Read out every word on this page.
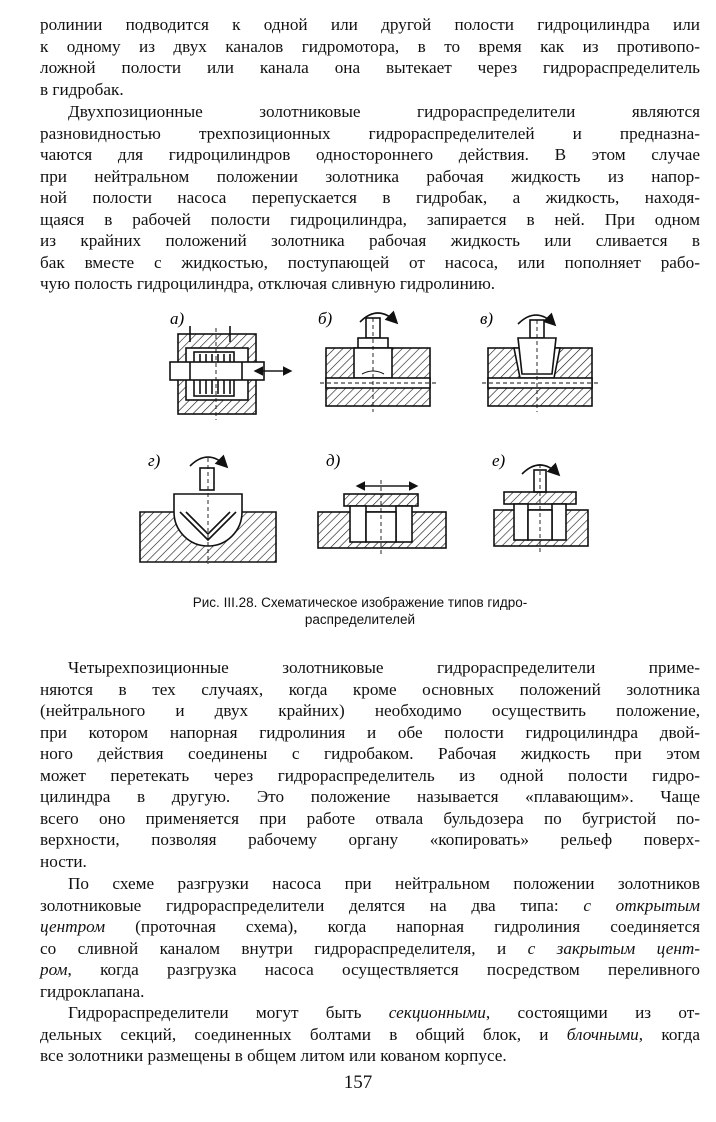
ролинии подводится к одной или другой полости гидроцилиндра или
к одному из двух каналов гидромотора, в то время как из противопо-
ложной полости или канала она вытекает через гидрораспределитель
в гидробак.
Двухпозиционные золотниковые гидрораспределители являются
разновидностью трехпозиционных гидрораспределителей и предназна-
чаются для гидроцилиндров одностороннего действия. В этом случае
при нейтральном положении золотника рабочая жидкость из напор-
ной полости насоса перепускается в гидробак, а жидкость, находя-
щаяся в рабочей полости гидроцилиндра, запирается в ней. При одном
из крайних положений золотника рабочая жидкость или сливается в
бак вместе с жидкостью, поступающей от насоса, или пополняет рабо-
чую полость гидроцилиндра, отключая сливную гидролинию.
а)	б)	в)
г)	д)	е)
Рис. III.28. Схематическое изображение типов гидро-
распределителей
Четырехпозиционные золотниковые гидрораспределители приме-
няются в тех случаях, когда кроме основных положений золотника
(нейтрального и двух крайних) необходимо осуществить положение,
при котором напорная гидролиния и обе полости гидроцилиндра двой-
ного действия соединены с гидробаком. Рабочая жидкость при этом
может перетекать через гидрораспределитель из одной полости гидро-
цилиндра в другую. Это положение называется «плавающим». Чаще
всего оно применяется при работе отвала бульдозера по бугристой по-
верхности, позволяя рабочему органу «копировать» рельеф поверх-
ности.
По схеме разгрузки насоса при нейтральном положении золотников
золотниковые гидрораспределители делятся на два типа: с открытым
центром (проточная схема), когда напорная гидролиния соединяется
со сливной каналом внутри гидрораспределителя, и с закрытым цент-
ром, когда разгрузка насоса осуществляется посредством переливного
гидроклапана.
Гидрораспределители могут быть секционными, состоящими из от-
дельных секций, соединенных болтами в общий блок, и блочными, когда
все золотники размещены в общем литом или кованом корпусе.
157
